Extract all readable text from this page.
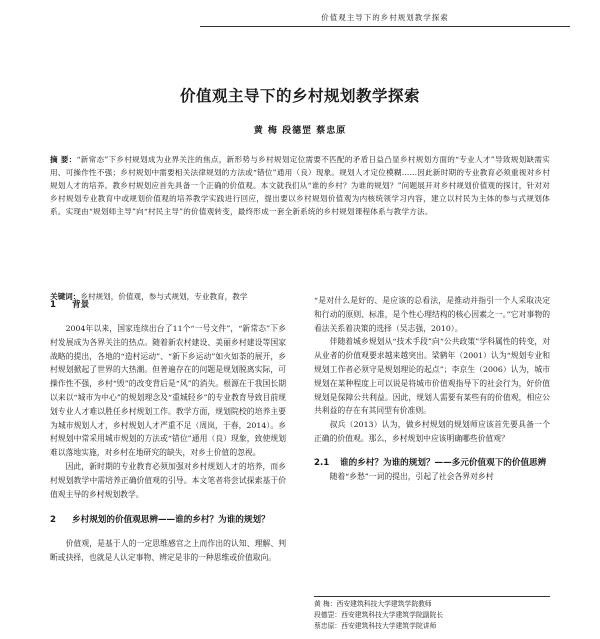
价值观主导下的乡村规划教学探索
价值观主导下的乡村规划教学探索
黄 梅 段德罡 蔡忠原
摘 要：“新常态”下乡村规划成为业界关注的焦点，新形势与乡村规划定位需要不匹配的矛盾日益凸显乡村规划方面的“专业人才”导致规划缺需实用、可操作性不强；乡村规划中需要相关法律规划的方法或“错位”通用（良）现象。规划人才定位模糊……因此新时期的专业教育必须重视对乡村规划人才的培养。教乡村规划应首先具备一个正确的价值观。本文就我们从“谁的乡村？为谁的规划？”问题展开对乡村规划价值观的探讨，针对对乡村规划专业教育中或规划价值观的培养教学实践进行回应，提出要以乡村规划价值观为内核统领学习内容，建立以村民为主体的参与式规划体系。实现由“规划师主导”向“村民主导”的价值观转变，最终形成一套全新系统的乡村规划课程体系与教学方法。
关键词：乡村规划，价值观，参与式规划，专业教育，教学
1 背景

2004年以来，国家连续出台了11个“一号文件”，“新常态”下乡村发展成为各界关注的热点。随着新农村建设、美丽乡村建设等国家战略的提出，各地的“造村运动”、“新下乡运动”如火如荼的展开，乡村规划掀起了世界的大热潮。但普遍存在的问题是规划脱离实际，可操作性不强，乡村“毁”的改变背后是“风”的消失。根源在于我国长期以来以“城市为中心”的规划理念及“重城轻乡”的专业教育导致目前规划专业人才难以胜任乡村规划工作。教学方面，规划院校的培养主要为城市规划人才，乡村规划人才严重不足（周岚，于春，2014）。乡村规划中常采用城市规划的方法或“错位”通用（良）现象，致使规划难以落地实施，对乡村在地研究的缺失，对乡土价值的忽视。

因此，新时期的专业教育必须加强对乡村规划人才的培养，而乡村规划教学中需培养正确价值观的引导。本文笔者将尝试探索基于价值观主导的乡村规划教学。

2 乡村规划的价值观思辨——谁的乡村？为谁的规划？

价值观，是基于人的一定思维感官之上而作出的认知、理解、判断或抉择，也就是人认定事物、辨定是非的一种思维或价值取向。

“是对什么是好的、是应该的总看法，是推动并指引一个人采取决定和行动的原则、标准，是个性心理结构的核心因素之一。”它对事物的看法关系着决策的选择（吴志强，2010）。

伴随着城乡规划从“技术手段”向“公共政策”学科属性的转变，对从业者的价值观要求越来越突出。梁鹤年（2001）认为“规划专业和规划工作者必须守是规划理论的起点”；李京生（2006）认为，城市规划在某种程度上可以说是将城市价值观指导下的社会行为，好价值规划是保障公共利益。因此，规划人需要有某些有的价值观，相应公共利益的存在有其同型有价准则。

叔兵（2013）认为，做乡村规划的规划师应该首先要具备一个正确的价值观。那么，乡村规划中应该明确哪些价值观？

2.1 谁的乡村？为谁的规划？——多元价值观下的价值思辨

随着“乡愁”一词的提出，引起了社会各界对乡村

黄 梅：西安建筑科技大学建筑学院教师
段德罡：西安建筑科技大学建筑学院副院长
蔡忠原：西安建筑科技大学建筑学院讲师
